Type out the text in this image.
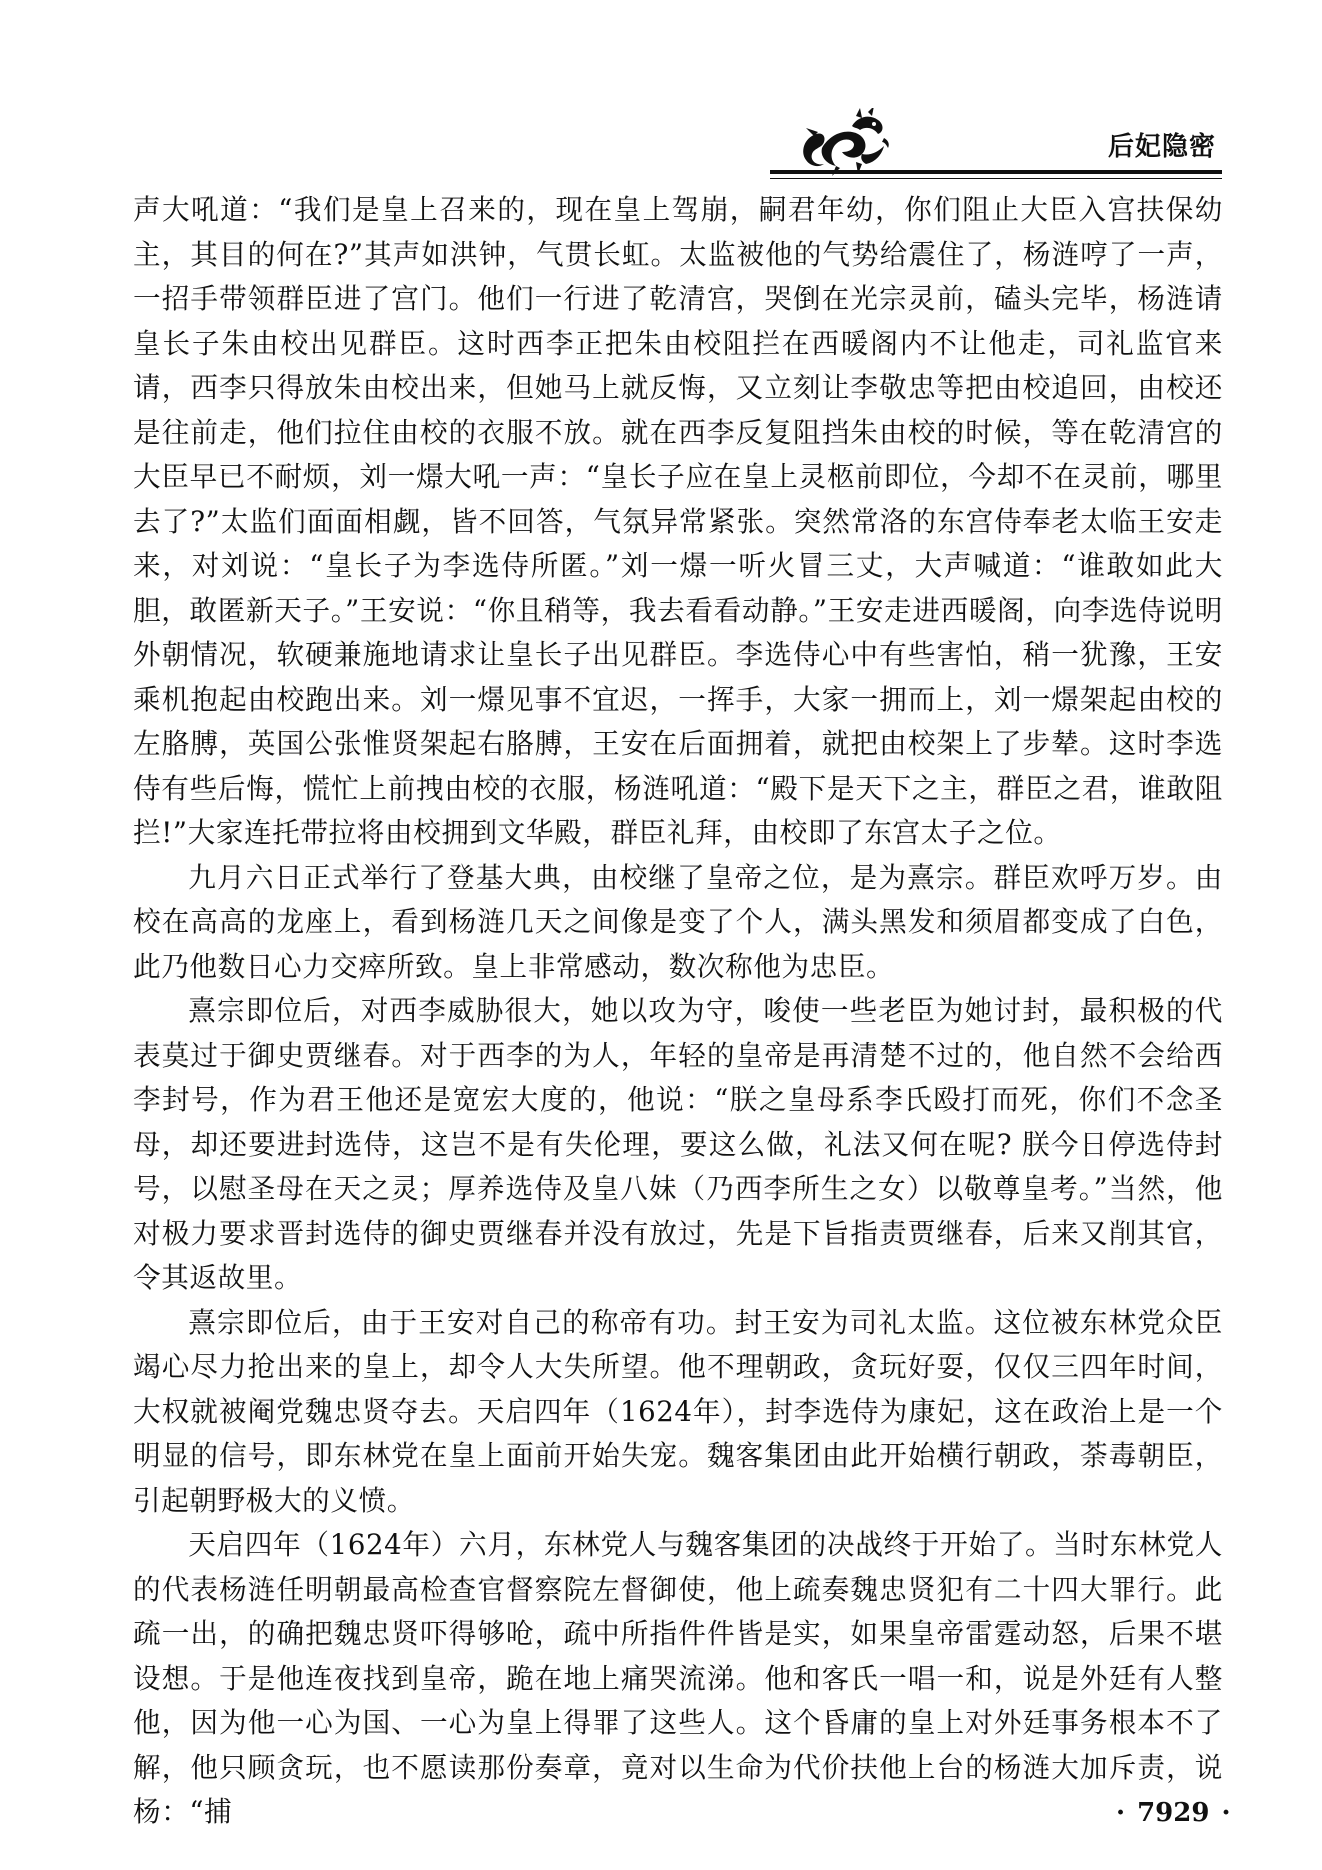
后妃隐密

声大吼道：“我们是皇上召来的，现在皇上驾崩，嗣君年幼，你们阻止大臣入宫扶保幼主，其目的何在?”其声如洪钟，气贯长虹。太监被他的气势给震住了，杨涟哼了一声，一招手带领群臣进了宫门。他们一行进了乾清宫，哭倒在光宗灵前，磕头完毕，杨涟请皇长子朱由校出见群臣。这时西李正把朱由校阻拦在西暖阁内不让他走，司礼监官来请，西李只得放朱由校出来，但她马上就反悔，又立刻让李敬忠等把由校追回，由校还是往前走，他们拉住由校的衣服不放。就在西李反复阻挡朱由校的时候，等在乾清宫的大臣早已不耐烦，刘一燝大吼一声：“皇长子应在皇上灵柩前即位，今却不在灵前，哪里去了?”太监们面面相觑，皆不回答，气氛异常紧张。突然常洛的东宫侍奉老太临王安走来，对刘说：“皇长子为李选侍所匿。”刘一燝一听火冒三丈，大声喊道：“谁敢如此大胆，敢匿新天子。”王安说：“你且稍等，我去看看动静。”王安走进西暖阁，向李选侍说明外朝情况，软硬兼施地请求让皇长子出见群臣。李选侍心中有些害怕，稍一犹豫，王安乘机抱起由校跑出来。刘一燝见事不宜迟，一挥手，大家一拥而上，刘一燝架起由校的左胳膊，英国公张惟贤架起右胳膊，王安在后面拥着，就把由校架上了步辇。这时李选侍有些后悔，慌忙上前拽由校的衣服，杨涟吼道：“殿下是天下之主，群臣之君，谁敢阻拦!”大家连托带拉将由校拥到文华殿，群臣礼拜，由校即了东宫太子之位。

九月六日正式举行了登基大典，由校继了皇帝之位，是为熹宗。群臣欢呼万岁。由校在高高的龙座上，看到杨涟几天之间像是变了个人，满头黑发和须眉都变成了白色，此乃他数日心力交瘁所致。皇上非常感动，数次称他为忠臣。

熹宗即位后，对西李威胁很大，她以攻为守，唆使一些老臣为她讨封，最积极的代表莫过于御史贾继春。对于西李的为人，年轻的皇帝是再清楚不过的，他自然不会给西李封号，作为君王他还是宽宏大度的，他说：“朕之皇母系李氏殴打而死，你们不念圣母，却还要进封选侍，这岂不是有失伦理，要这么做，礼法又何在呢? 朕今日停选侍封号，以慰圣母在天之灵；厚养选侍及皇八妹（乃西李所生之女）以敬尊皇考。”当然，他对极力要求晋封选侍的御史贾继春并没有放过，先是下旨指责贾继春，后来又削其官，令其返故里。

熹宗即位后，由于王安对自己的称帝有功。封王安为司礼太监。这位被东林党众臣竭心尽力抢出来的皇上，却令人大失所望。他不理朝政，贪玩好耍，仅仅三四年时间，大权就被阉党魏忠贤夺去。天启四年（1624年），封李选侍为康妃，这在政治上是一个明显的信号，即东林党在皇上面前开始失宠。魏客集团由此开始横行朝政，荼毒朝臣，引起朝野极大的义愤。

天启四年（1624年）六月，东林党人与魏客集团的决战终于开始了。当时东林党人的代表杨涟任明朝最高检查官督察院左督御使，他上疏奏魏忠贤犯有二十四大罪行。此疏一出，的确把魏忠贤吓得够呛，疏中所指件件皆是实，如果皇帝雷霆动怒，后果不堪设想。于是他连夜找到皇帝，跪在地上痛哭流涕。他和客氏一唱一和，说是外廷有人整他，因为他一心为国、一心为皇上得罪了这些人。这个昏庸的皇上对外廷事务根本不了解，他只顾贪玩，也不愿读那份奏章，竟对以生命为代价扶他上台的杨涟大加斥责，说杨：“捕	· 7929 ·
